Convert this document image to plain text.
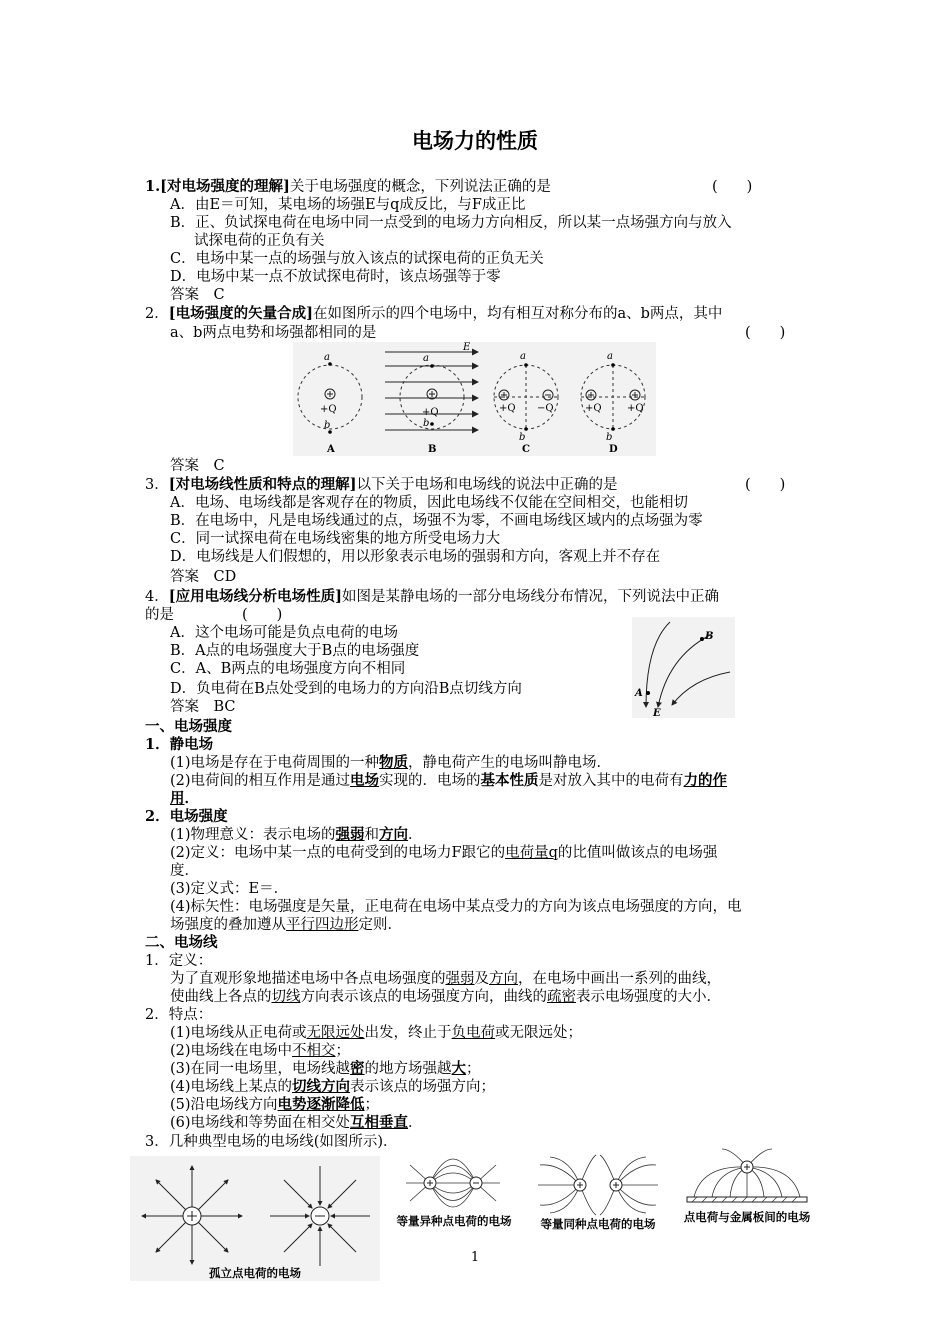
电场力的性质
1.[对电场强度的理解]关于电场强度的概念，下列说法正确的是	(　　)
A．由E＝可知，某电场的场强E与q成反比，与F成正比
B．正、负试探电荷在电场中同一点受到的电场力方向相反，所以某一点场强方向与放入
试探电荷的正负有关
C．电场中某一点的场强与放入该点的试探电荷的正负无关
D．电场中某一点不放试探电荷时，该点场强等于零
答案　C
2．[电场强度的矢量合成]在如图所示的四个电场中，均有相互对称分布的a、b两点，其中
a、b两点电势和场强都相同的是	(　　)
a
b
+Q
A
E
a
b
+Q
B
a
b
+Q −Q
C
a
b
+Q	+Q
D
答案　C
3．[对电场线性质和特点的理解]以下关于电场和电场线的说法中正确的是	(　　)
A．电场、电场线都是客观存在的物质，因此电场线不仅能在空间相交，也能相切
B．在电场中，凡是电场线通过的点，场强不为零，不画电场线区域内的点场强为零
C．同一试探电荷在电场线密集的地方所受电场力大
D．电场线是人们假想的，用以形象表示电场的强弱和方向，客观上并不存在
答案　CD
4．[应用电场线分析电场性质]如图是某静电场的一部分电场线分布情况，下列说法中正确
的是	(　　)
A．这个电场可能是负点电荷的电场
B．A点的电场强度大于B点的电场强度
C．A、B两点的电场强度方向不相同
D．负电荷在B点处受到的电场力的方向沿B点切线方向
答案　BC
A
B
E
一、电场强度
1．静电场
(1)电场是存在于电荷周围的一种物质，静电荷产生的电场叫静电场．
(2)电荷间的相互作用是通过电场实现的．电场的基本性质是对放入其中的电荷有力的作
用．
2．电场强度
(1)物理意义：表示电场的强弱和方向．
(2)定义：电场中某一点的电荷受到的电场力F跟它的电荷量q的比值叫做该点的电场强
度．
(3)定义式：E＝．
(4)标矢性：电场强度是矢量，正电荷在电场中某点受力的方向为该点电场强度的方向，电
场强度的叠加遵从平行四边形定则．
二、电场线
1．定义：
为了直观形象地描述电场中各点电场强度的强弱及方向，在电场中画出一系列的曲线，
使曲线上各点的切线方向表示该点的电场强度方向，曲线的疏密表示电场强度的大小．
2．特点：
(1)电场线从正电荷或无限远处出发，终止于负电荷或无限远处；
(2)电场线在电场中不相交；
(3)在同一电场里，电场线越密的地方场强越大；
(4)电场线上某点的切线方向表示该点的场强方向；
(5)沿电场线方向电势逐渐降低；
(6)电场线和等势面在相交处互相垂直．
3．几种典型电场的电场线(如图所示)．
孤立点电荷的电场
等量异种点电荷的电场	等量同种点电荷的电场 点电荷与金属板间的电场
1
